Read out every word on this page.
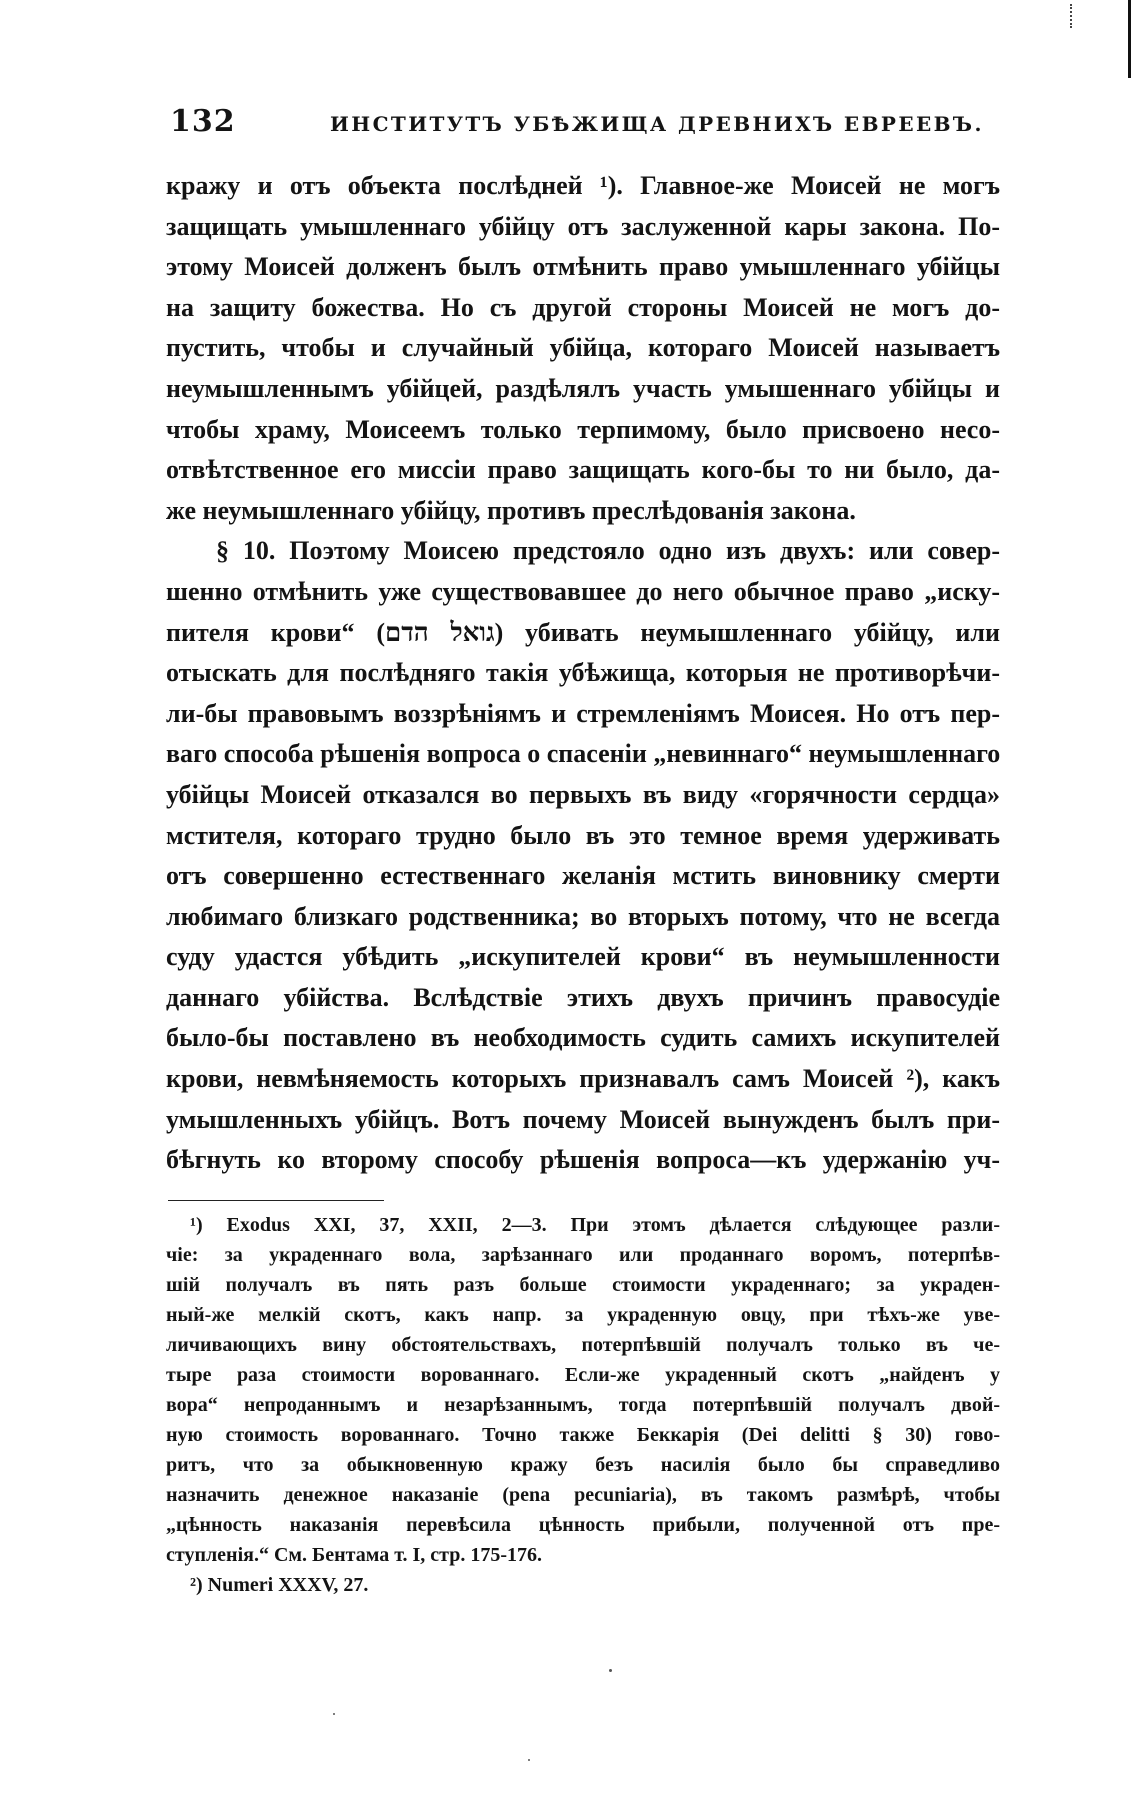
132	ИНСТИТУТЪ УБѢЖИЩА ДРЕВНИХЪ ЕВРЕЕВЪ.
кражу и отъ объекта послѣдней ¹). Главное-же Моисей не могъ
защищать умышленнаго убійцу отъ заслуженной кары закона. По-
этому Моисей долженъ былъ отмѣнить право умышленнаго убійцы
на защиту божества. Но съ другой стороны Моисей не могъ до-
пустить, чтобы и случайный убійца, котораго Моисей называетъ
неумышленнымъ убійцей, раздѣлялъ участь умышеннаго убійцы и
чтобы храму, Моисеемъ только терпимому, было присвоено несо-
отвѣтственное его миссіи право защищать кого-бы то ни было, да-
же неумышленнаго убійцу, противъ преслѣдованія закона.
§ 10. Поэтому Моисею предстояло одно изъ двухъ: или совер-
шенно отмѣнить уже существовавшее до него обычное право „иску-
пителя крови“ (גואל הדם) убивать неумышленнаго убійцу, или
отыскать для послѣдняго такія убѣжища, которыя не противорѣчи-
ли-бы правовымъ воззрѣніямъ и стремленіямъ Моисея. Но отъ пер-
ваго способа рѣшенія вопроса о спасеніи „невиннаго“ неумышленнаго
убійцы Моисей отказался во первыхъ въ виду «горячности сердца»
мстителя, котораго трудно было въ это темное время удерживать
отъ совершенно естественнаго желанія мстить виновнику смерти
любимаго близкаго родственника; во вторыхъ потому, что не всегда
суду удастся убѣдить „искупителей крови“ въ неумышленности
даннаго убійства. Вслѣдствіе этихъ двухъ причинъ правосудіе
было-бы поставлено въ необходимость судить самихъ искупителей
крови, невмѣняемость которыхъ признавалъ самъ Моисей ²), какъ
умышленныхъ убійцъ. Вотъ почему Моисей вынужденъ былъ при-
бѣгнуть ко второму способу рѣшенія вопроса—къ удержанію уч-
¹) Exodus XXI, 37, XXII, 2—3. При этомъ дѣлается слѣдующее разли-
чіе: за украденнаго вола, зарѣзаннаго или проданнаго воромъ, потерпѣв-
шій получалъ въ пять разъ больше стоимости украденнаго; за украден-
ный-же мелкій скотъ, какъ напр. за украденную овцу, при тѣхъ-же уве-
личивающихъ вину обстоятельствахъ, потерпѣвшій получалъ только въ че-
тыре раза стоимости ворованнаго. Если-же украденный скотъ „найденъ у
вора“ непроданнымъ и незарѣзаннымъ, тогда потерпѣвшій получалъ двой-
ную стоимость ворованнаго. Точно также Беккарія (Dei delitti § 30) гово-
ритъ, что за обыкновенную кражу безъ насилія было бы справедливо
назначить денежное наказаніе (pena pecuniaria), въ такомъ размѣрѣ, чтобы
„цѣнность наказанія перевѣсила цѣнность прибыли, полученной отъ пре-
ступленія.“ См. Бентама т. I, стр. 175-176.
²) Numeri XXXV, 27.
